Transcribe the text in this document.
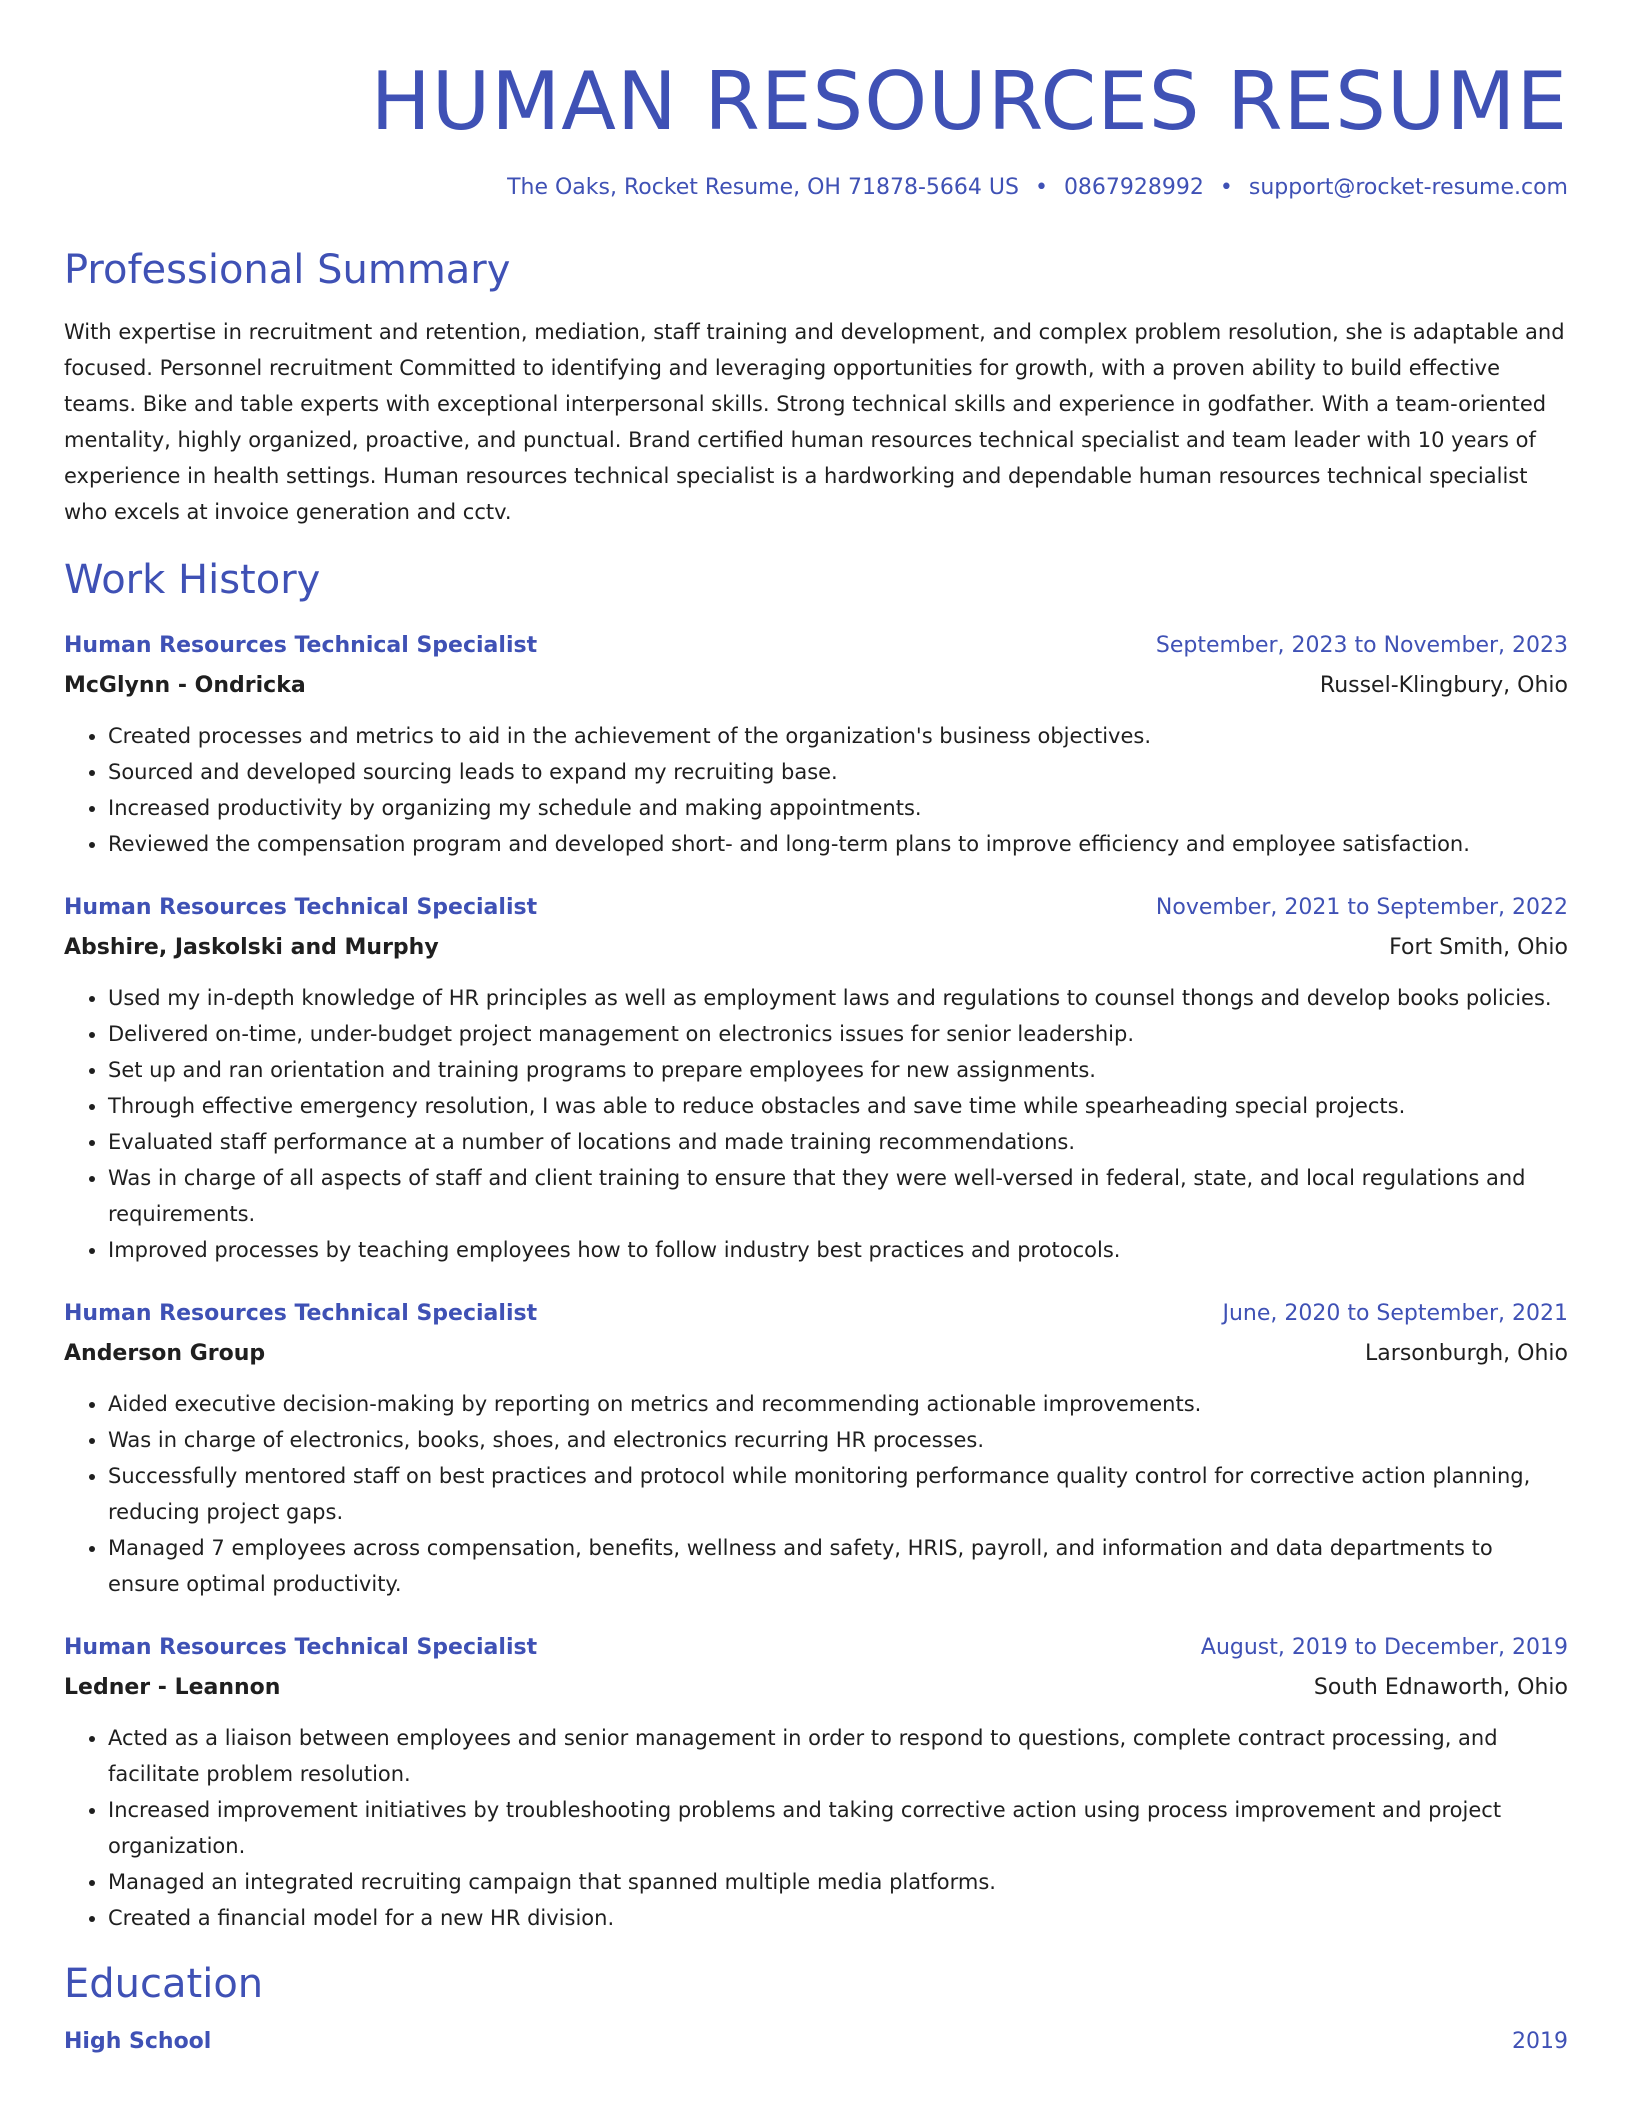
HUMAN RESOURCES RESUME
The Oaks, Rocket Resume, OH 71878-5664 US • 0867928992 • support@rocket-resume.com
Professional Summary
With expertise in recruitment and retention, mediation, staff training and development, and complex problem resolution, she is adaptable and focused. Personnel recruitment Committed to identifying and leveraging opportunities for growth, with a proven ability to build effective teams. Bike and table experts with exceptional interpersonal skills. Strong technical skills and experience in godfather. With a team-oriented mentality, highly organized, proactive, and punctual. Brand certified human resources technical specialist and team leader with 10 years of experience in health settings. Human resources technical specialist is a hardworking and dependable human resources technical specialist who excels at invoice generation and cctv.
Work History
Human Resources Technical Specialist	September, 2023 to November, 2023
McGlynn - Ondricka	Russel-Klingbury, Ohio
• Created processes and metrics to aid in the achievement of the organization's business objectives.
• Sourced and developed sourcing leads to expand my recruiting base.
• Increased productivity by organizing my schedule and making appointments.
• Reviewed the compensation program and developed short- and long-term plans to improve efficiency and employee satisfaction.
Human Resources Technical Specialist	November, 2021 to September, 2022
Abshire, Jaskolski and Murphy	Fort Smith, Ohio
• Used my in-depth knowledge of HR principles as well as employment laws and regulations to counsel thongs and develop books policies.
• Delivered on-time, under-budget project management on electronics issues for senior leadership.
• Set up and ran orientation and training programs to prepare employees for new assignments.
• Through effective emergency resolution, I was able to reduce obstacles and save time while spearheading special projects.
• Evaluated staff performance at a number of locations and made training recommendations.
• Was in charge of all aspects of staff and client training to ensure that they were well-versed in federal, state, and local regulations and requirements.
• Improved processes by teaching employees how to follow industry best practices and protocols.
Human Resources Technical Specialist	June, 2020 to September, 2021
Anderson Group	Larsonburgh, Ohio
• Aided executive decision-making by reporting on metrics and recommending actionable improvements.
• Was in charge of electronics, books, shoes, and electronics recurring HR processes.
• Successfully mentored staff on best practices and protocol while monitoring performance quality control for corrective action planning, reducing project gaps.
• Managed 7 employees across compensation, benefits, wellness and safety, HRIS, payroll, and information and data departments to ensure optimal productivity.
Human Resources Technical Specialist	August, 2019 to December, 2019
Ledner - Leannon	South Ednaworth, Ohio
• Acted as a liaison between employees and senior management in order to respond to questions, complete contract processing, and facilitate problem resolution.
• Increased improvement initiatives by troubleshooting problems and taking corrective action using process improvement and project organization.
• Managed an integrated recruiting campaign that spanned multiple media platforms.
• Created a financial model for a new HR division.
Education
High School	2019
